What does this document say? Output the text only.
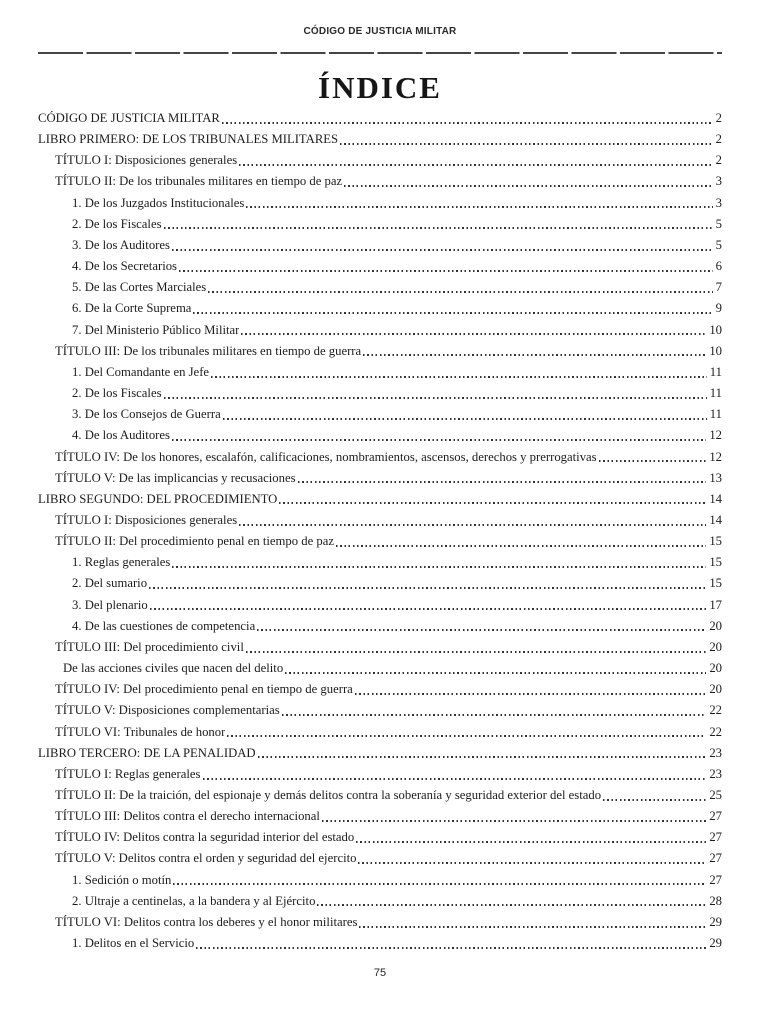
CÓDIGO DE JUSTICIA MILITAR
ÍNDICE
CÓDIGO DE JUSTICIA MILITAR	2
LIBRO PRIMERO: DE LOS TRIBUNALES MILITARES	2
TÍTULO I: Disposiciones generales	2
TÍTULO II: De los tribunales militares en tiempo de paz	3
1. De los Juzgados Institucionales	3
2. De los Fiscales	5
3. De los Auditores	5
4. De los Secretarios	6
5. De las Cortes Marciales	7
6. De la Corte Suprema	9
7. Del Ministerio Público Militar	10
TÍTULO III: De los tribunales militares en tiempo de guerra	10
1. Del Comandante en Jefe	11
2. De los Fiscales	11
3. De los Consejos de Guerra	11
4. De los Auditores	12
TÍTULO IV: De los honores, escalafón, calificaciones, nombramientos, ascensos, derechos y prerrogativas	12
TÍTULO V: De las implicancias y recusaciones	13
LIBRO SEGUNDO: DEL PROCEDIMIENTO	14
TÍTULO I: Disposiciones generales	14
TÍTULO II: Del procedimiento penal en tiempo de paz	15
1. Reglas generales	15
2. Del sumario	15
3. Del plenario	17
4. De las cuestiones de competencia	20
TÍTULO III: Del procedimiento civil	20
De las acciones civiles que nacen del delito	20
TÍTULO IV: Del procedimiento penal en tiempo de guerra	20
TÍTULO V: Disposiciones complementarias	22
TÍTULO VI: Tribunales de honor	22
LIBRO TERCERO: DE LA PENALIDAD	23
TÍTULO I: Reglas generales	23
TÍTULO II: De la traición, del espionaje y demás delitos contra la soberanía y seguridad exterior del estado	25
TÍTULO III: Delitos contra el derecho internacional	27
TÍTULO IV: Delitos contra la seguridad interior del estado	27
TÍTULO V: Delitos contra el orden y seguridad del ejercito	27
1. Sedición o motín	27
2. Ultraje a centinelas, a la bandera y al Ejército	28
TÍTULO VI: Delitos contra los deberes y el honor militares	29
1. Delitos en el Servicio	29
75
